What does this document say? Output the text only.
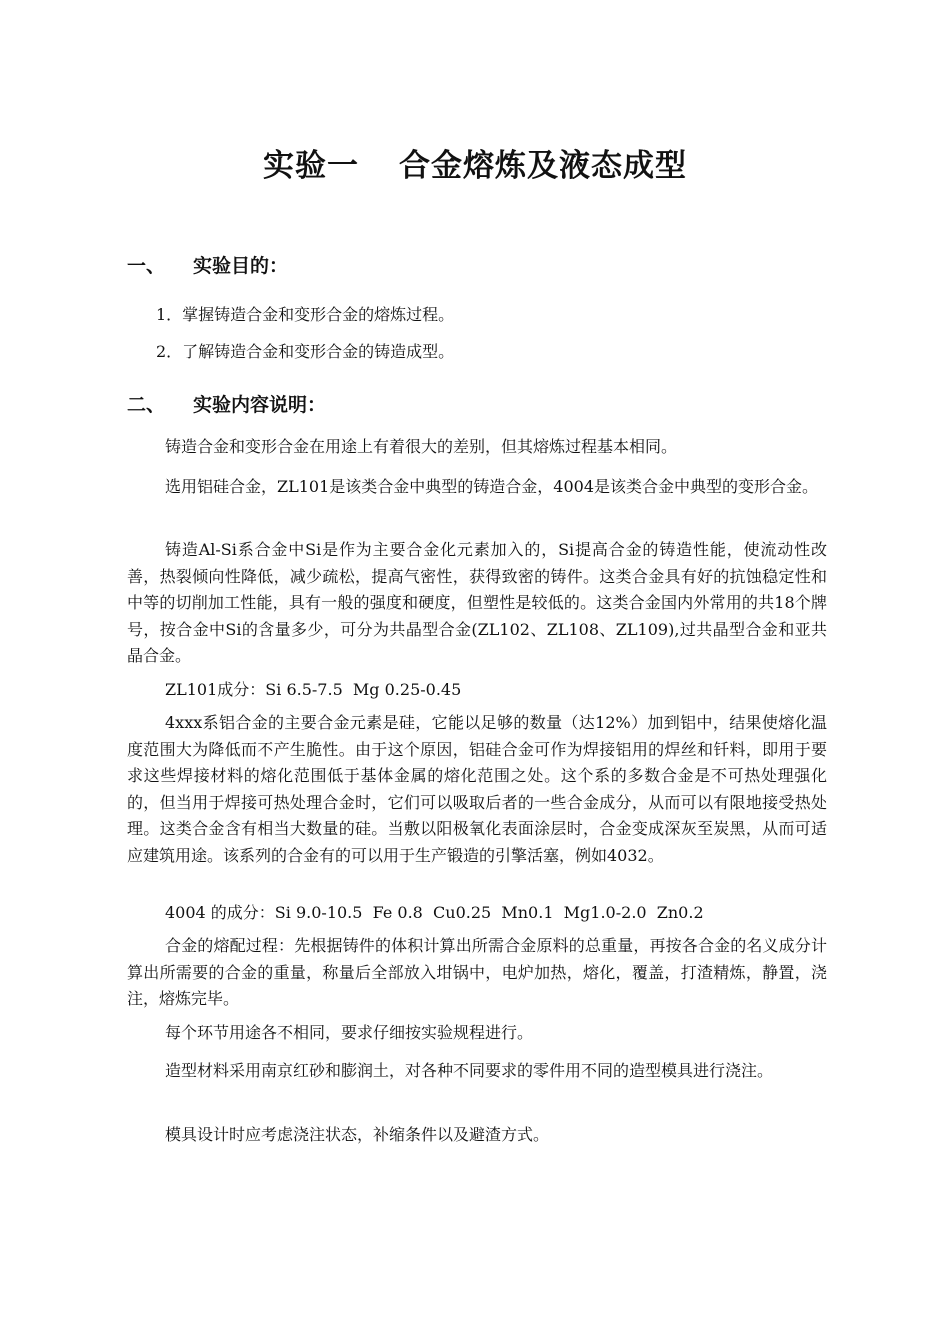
实验一 合金熔炼及液态成型
一、 实验目的：
1．掌握铸造合金和变形合金的熔炼过程。
2．了解铸造合金和变形合金的铸造成型。
二、 实验内容说明：
铸造合金和变形合金在用途上有着很大的差别，但其熔炼过程基本相同。
选用铝硅合金，ZL101是该类合金中典型的铸造合金，4004是该类合金中典型的变形合金。
铸造Al-Si系合金中Si是作为主要合金化元素加入的，Si提高合金的铸造性能，使流动性改善，热裂倾向性降低，减少疏松，提高气密性，获得致密的铸件。这类合金具有好的抗蚀稳定性和中等的切削加工性能，具有一般的强度和硬度，但塑性是较低的。这类合金国内外常用的共18个牌号，按合金中Si的含量多少，可分为共晶型合金(ZL102、ZL108、ZL109),过共晶型合金和亚共晶合金。
ZL101成分：Si 6.5-7.5  Mg 0.25-0.45
4xxx系铝合金的主要合金元素是硅，它能以足够的数量（达12%）加到铝中，结果使熔化温度范围大为降低而不产生脆性。由于这个原因，铝硅合金可作为焊接铝用的焊丝和钎料，即用于要求这些焊接材料的熔化范围低于基体金属的熔化范围之处。这个系的多数合金是不可热处理强化的，但当用于焊接可热处理合金时，它们可以吸取后者的一些合金成分，从而可以有限地接受热处理。这类合金含有相当大数量的硅。当敷以阳极氧化表面涂层时，合金变成深灰至炭黑，从而可适应建筑用途。该系列的合金有的可以用于生产锻造的引擎活塞，例如4032。
4004 的成分：Si 9.0-10.5  Fe 0.8  Cu0.25  Mn0.1  Mg1.0-2.0  Zn0.2
合金的熔配过程：先根据铸件的体积计算出所需合金原料的总重量，再按各合金的名义成分计算出所需要的合金的重量，称量后全部放入坩锅中，电炉加热，熔化，覆盖，打渣精炼，静置，浇注，熔炼完毕。
每个环节用途各不相同，要求仔细按实验规程进行。
造型材料采用南京红砂和膨润土，对各种不同要求的零件用不同的造型模具进行浇注。
模具设计时应考虑浇注状态，补缩条件以及避渣方式。
